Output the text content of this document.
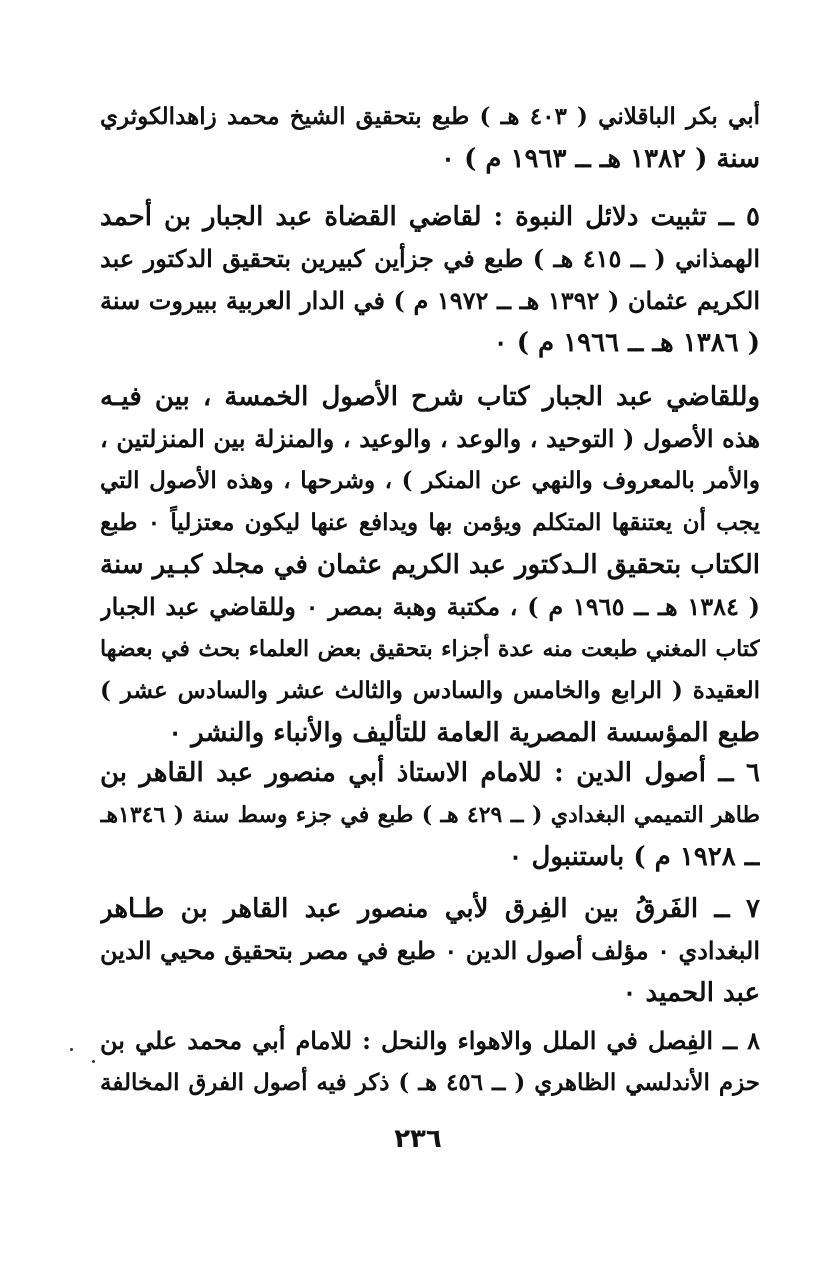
أبي بكر الباقلاني ( ٤٠٣ هـ ) طبع بتحقيق الشيخ محمد زاهدالكوثري
سنة ( ١٣٨٢ هـ ــ ١٩٦٣ م ) ٠
٥ ــ تثبيت دلائل النبوة : لقاضي القضاة عبد الجبار بن أحمد
الهمذاني ( ــ ٤١٥ هـ ) طبع في جزأين كبيرين بتحقيق الدكتور عبد
الكريم عثمان ( ١٣٩٢ هـ ــ ١٩٧٢ م ) في الدار العربية ببيروت سنة
( ١٣٨٦ هـ ــ ١٩٦٦ م ) ٠
وللقاضي عبد الجبار كتاب شرح الأصول الخمسة ، بين فيـه
هذه الأصول ( التوحيد ، والوعد ، والوعيد ، والمنزلة بين المنزلتين ،
والأمر بالمعروف والنهي عن المنكر ) ، وشرحها ، وهذه الأصول التي
يجب أن يعتنقها المتكلم ويؤمن بها ويدافع عنها ليكون معتزلياً ٠ طبع
الكتاب بتحقيق الـدكتور عبد الكريم عثمان في مجلد كبـير سنة
( ١٣٨٤ هـ ــ ١٩٦٥ م ) ، مكتبة وهبة بمصر ٠ وللقاضي عبد الجبار
كتاب المغني طبعت منه عدة أجزاء بتحقيق بعض العلماء بحث في بعضها
العقيدة ( الرابع والخامس والسادس والثالث عشر والسادس عشر )
طبع المؤسسة المصرية العامة للتأليف والأنباء والنشر ٠
٦ ــ أصول الدين : للامام الاستاذ أبي منصور عبد القاهر بن
طاهر التميمي البغدادي ( ــ ٤٢٩ هـ ) طبع في جزء وسط سنة ( ١٣٤٦هـ
ــ ١٩٢٨ م ) باستنبول ٠
٧ ــ الفَرقُ بين الفِرق لأبي منصور عبد القاهر بن طـاهر
البغدادي ٠ مؤلف أصول الدين ٠ طبع في مصر بتحقيق محيي الدين
عبد الحميد ٠
٨ ــ الفِصل في الملل والاهواء والنحل : للامام أبي محمد علي بن
حزم الأندلسي الظاهري ( ــ ٤٥٦ هـ ) ذكر فيه أصول الفرق المخالفة
٢٣٦
